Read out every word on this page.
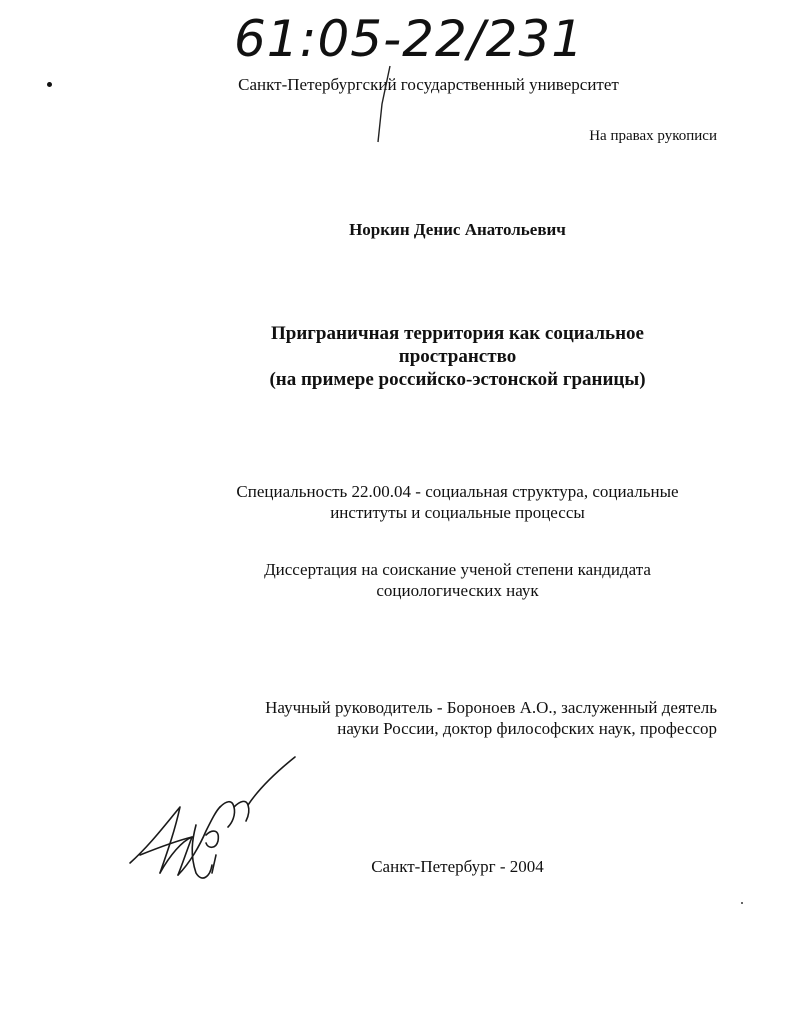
61:05-22/231
Санкт-Петербургский государственный университет
На правах рукописи
Норкин Денис Анатольевич
Приграничная территория как социальное
пространство
(на примере российско-эстонской границы)
Специальность 22.00.04 - социальная структура, социальные
институты и социальные процессы
Диссертация на соискание ученой степени кандидата
социологических наук
Научный руководитель - Бороноев А.О., заслуженный деятель
науки России, доктор философских наук, профессор
Санкт-Петербург - 2004
